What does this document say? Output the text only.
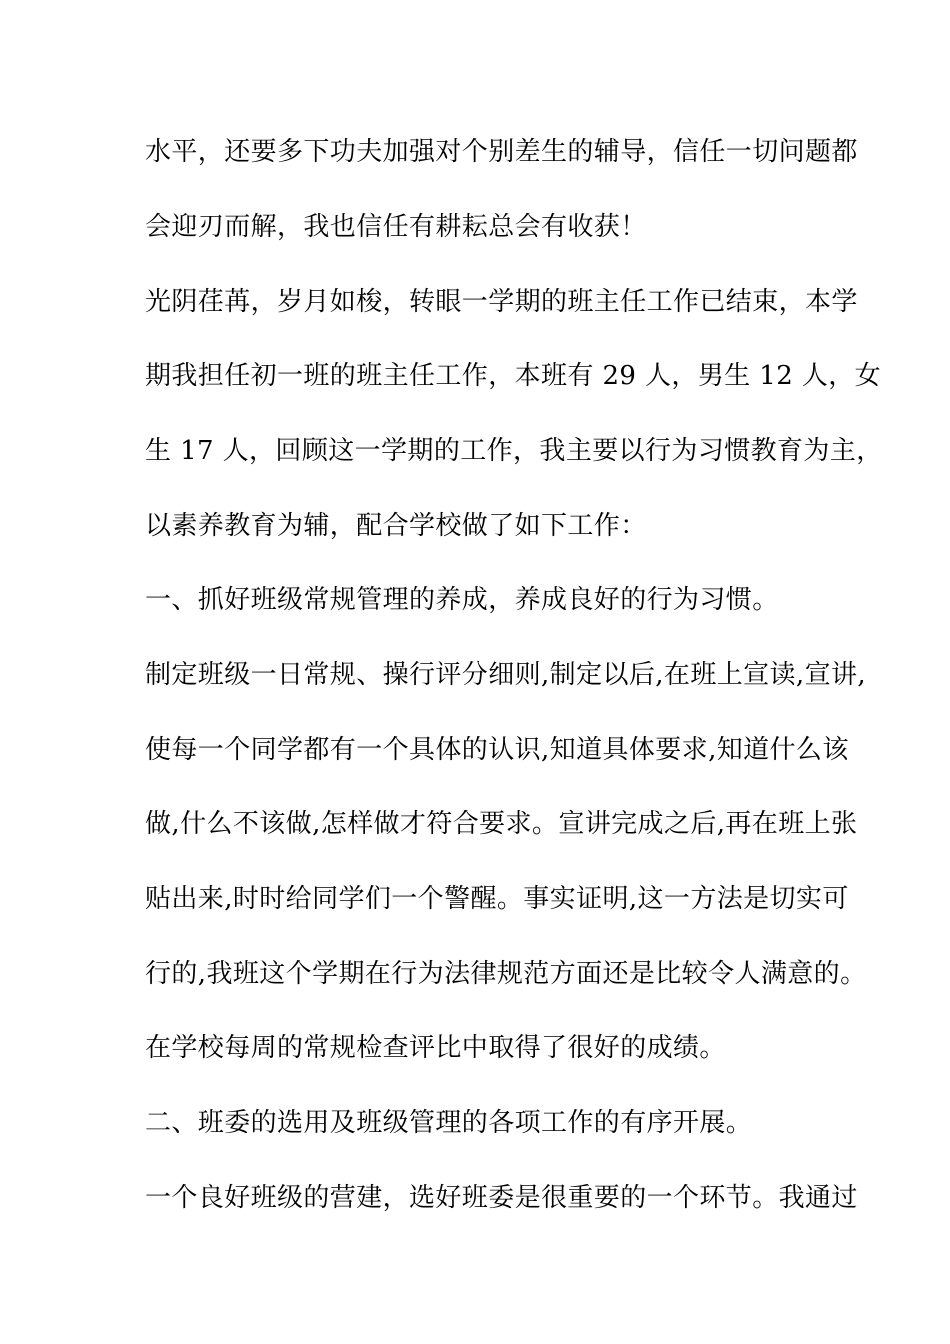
水平，还要多下功夫加强对个别差生的辅导，信任一切问题都
会迎刃而解，我也信任有耕耘总会有收获！
光阴荏苒，岁月如梭，转眼一学期的班主任工作已结束，本学
期我担任初一班的班主任工作，本班有 29 人，男生 12 人，女
生 17 人，回顾这一学期的工作，我主要以行为习惯教育为主，
以素养教育为辅，配合学校做了如下工作：
一、抓好班级常规管理的养成，养成良好的行为习惯。
制定班级一日常规、操行评分细则,制定以后,在班上宣读,宣讲,
使每一个同学都有一个具体的认识,知道具体要求,知道什么该
做,什么不该做,怎样做才符合要求。宣讲完成之后,再在班上张
贴出来,时时给同学们一个警醒。事实证明,这一方法是切实可
行的,我班这个学期在行为法律规范方面还是比较令人满意的。
在学校每周的常规检查评比中取得了很好的成绩。
二、班委的选用及班级管理的各项工作的有序开展。
一个良好班级的营建，选好班委是很重要的一个环节。我通过
